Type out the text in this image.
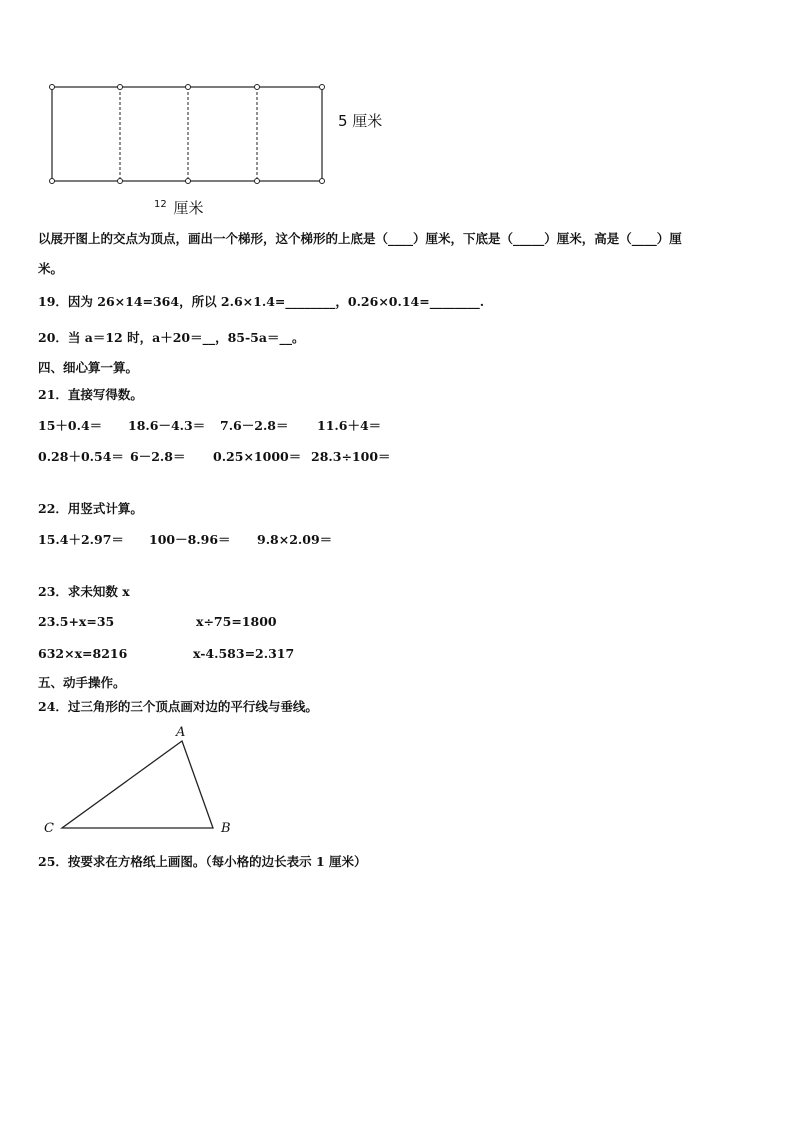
5 厘米
$^{12}$ 厘米
以展开图上的交点为顶点，画出一个梯形，这个梯形的上底是（____）厘米，下底是（_____）厘米，高是（____）厘
米。
19．因为 26×14=364，所以 2.6×1.4=________，0.26×0.14=________.
20．当 a＝12 时，a＋20＝__，85-5a＝__。
四、细心算一算。
21．直接写得数。
15＋0.4＝ 18.6－4.3＝ 7.6－2.8＝ 11.6＋4＝
0.28＋0.54＝ 6－2.8＝ 0.25×1000＝ 28.3÷100＝
22．用竖式计算。
15.4＋2.97＝ 100－8.96＝ 9.8×2.09＝
23．求未知数 x
23.5+x=35	x÷75=1800
632×x=8216	x-4.583=2.317
五、动手操作。
24．过三角形的三个顶点画对边的平行线与垂线。
A
B
C
25．按要求在方格纸上画图。（每小格的边长表示 1 厘米）
